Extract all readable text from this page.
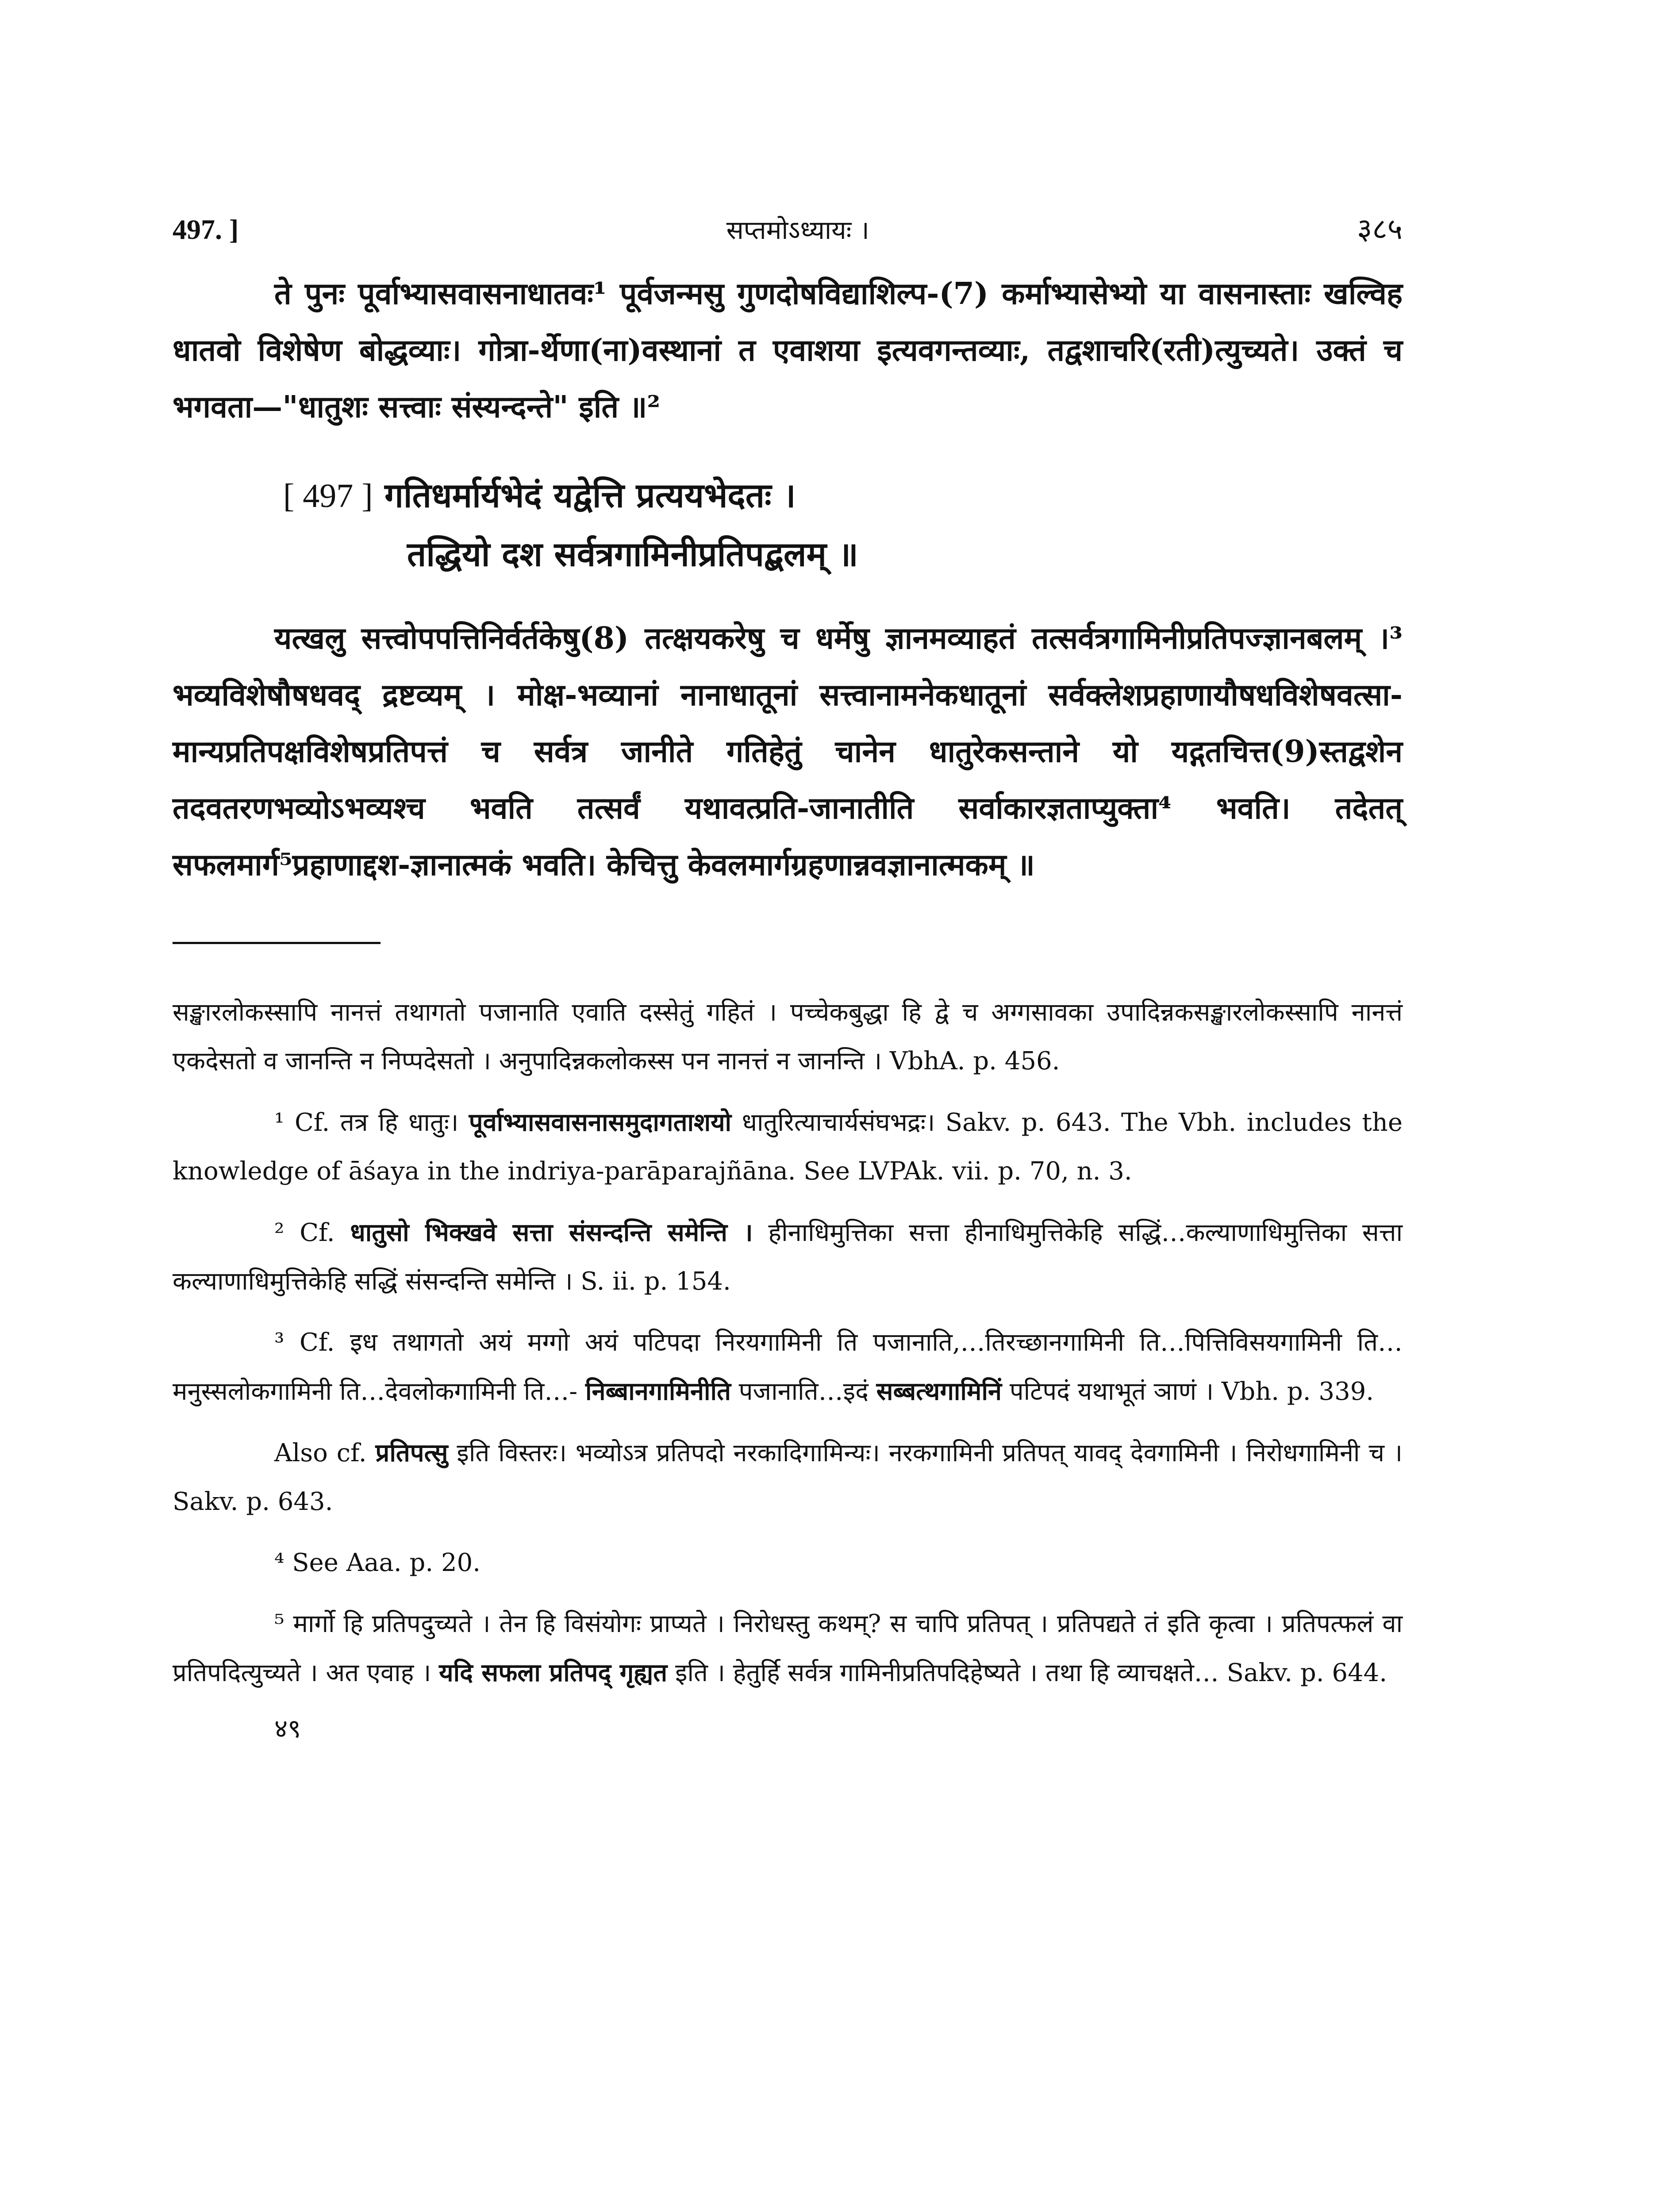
497. ]	सप्तमोऽध्यायः ।	३८५

ते पुनः पूर्वाभ्यासवासनाधातवः¹ पूर्वजन्मसु गुणदोषविद्याशिल्प-(7) कर्माभ्यासेभ्यो या वासनास्ताः खल्विह धातवो विशेषेण बोद्धव्याः। गोत्रा-र्थेणा(ना)वस्थानां त एवाशया इत्यवगन्तव्याः, तद्वशाचरि(रती)त्युच्यते। उक्तं च भगवता—"धातुशः सत्त्वाः संस्यन्दन्ते" इति ॥²

[ 497 ] गतिधर्मार्यभेदं यद्वेत्ति प्रत्ययभेदतः ।
तद्धियो दश सर्वत्रगामिनीप्रतिपद्बलम् ॥

यत्खलु सत्त्वोपपत्तिनिर्वर्तकेषु(8) तत्क्षयकरेषु च धर्मेषु ज्ञानमव्याहतं तत्सर्वत्रगामिनीप्रतिपज्ज्ञानबलम् ।³ भव्यविशेषौषधवद् द्रष्टव्यम् । मोक्ष-भव्यानां नानाधातूनां सत्त्वानामनेकधातूनां सर्वक्लेशप्रहाणायौषधविशेषवत्सा-मान्यप्रतिपक्षविशेषप्रतिपत्तं च सर्वत्र जानीते गतिहेतुं चानेन धातुरेकसन्ताने यो यद्गतचित्त(9)स्तद्वशेन तदवतरणभव्योऽभव्यश्च भवति तत्सर्वं यथावत्प्रति-जानातीति सर्वाकारज्ञताप्युक्ता⁴ भवति। तदेतत् सफलमार्ग⁵प्रहाणाद्दश-ज्ञानात्मकं भवति। केचित्तु केवलमार्गग्रहणान्नवज्ञानात्मकम् ॥

सङ्खारलोकस्सापि नानत्तं तथागतो पजानाति एवाति दस्सेतुं गहितं । पच्चेकबुद्धा हि द्वे च अग्गसावका उपादिन्नकसङ्खारलोकस्सापि नानत्तं एकदेसतो व जानन्ति न निप्पदेसतो । अनुपादिन्नकलोकस्स पन नानत्तं न जानन्ति । VbhA. p. 456.

¹ Cf. तत्र हि धातुः। पूर्वाभ्यासवासनासमुदागताशयो धातुरित्याचार्यसंघभद्रः। Sakv. p. 643. The Vbh. includes the knowledge of āśaya in the indriya-parāparajñāna. See LVPAk. vii. p. 70, n. 3.

² Cf. धातुसो भिक्खवे सत्ता संसन्दन्ति समेन्ति । हीनाधिमुत्तिका सत्ता हीनाधिमुत्तिकेहि सद्धिं…कल्याणाधिमुत्तिका सत्ता कल्याणाधिमुत्तिकेहि सद्धिं संसन्दन्ति समेन्ति । S. ii. p. 154.

³ Cf. इध तथागतो अयं मग्गो अयं पटिपदा निरयगामिनी ति पजानाति,…तिरच्छानगामिनी ति…पित्तिविसयगामिनी ति…मनुस्सलोकगामिनी ति…देवलोकगामिनी ति…- निब्बानगामिनीति पजानाति…इदं सब्बत्थगामिनिं पटिपदं यथाभूतं ञाणं । Vbh. p. 339.

Also cf. प्रतिपत्सु इति विस्तरः। भव्योऽत्र प्रतिपदो नरकादिगामिन्यः। नरकगामिनी प्रतिपत् यावद् देवगामिनी । निरोधगामिनी च । Sakv. p. 643.

⁴ See Aaa. p. 20.

⁵ मार्गो हि प्रतिपदुच्यते । तेन हि विसंयोगः प्राप्यते । निरोधस्तु कथम्? स चापि प्रतिपत् । प्रतिपद्यते तं इति कृत्वा । प्रतिपत्फलं वा प्रतिपदित्युच्यते । अत एवाह । यदि सफला प्रतिपद् गृह्यत इति । हेतुर्हि सर्वत्र गामिनीप्रतिपदिहेष्यते । तथा हि व्याचक्षते… Sakv. p. 644.

४९
